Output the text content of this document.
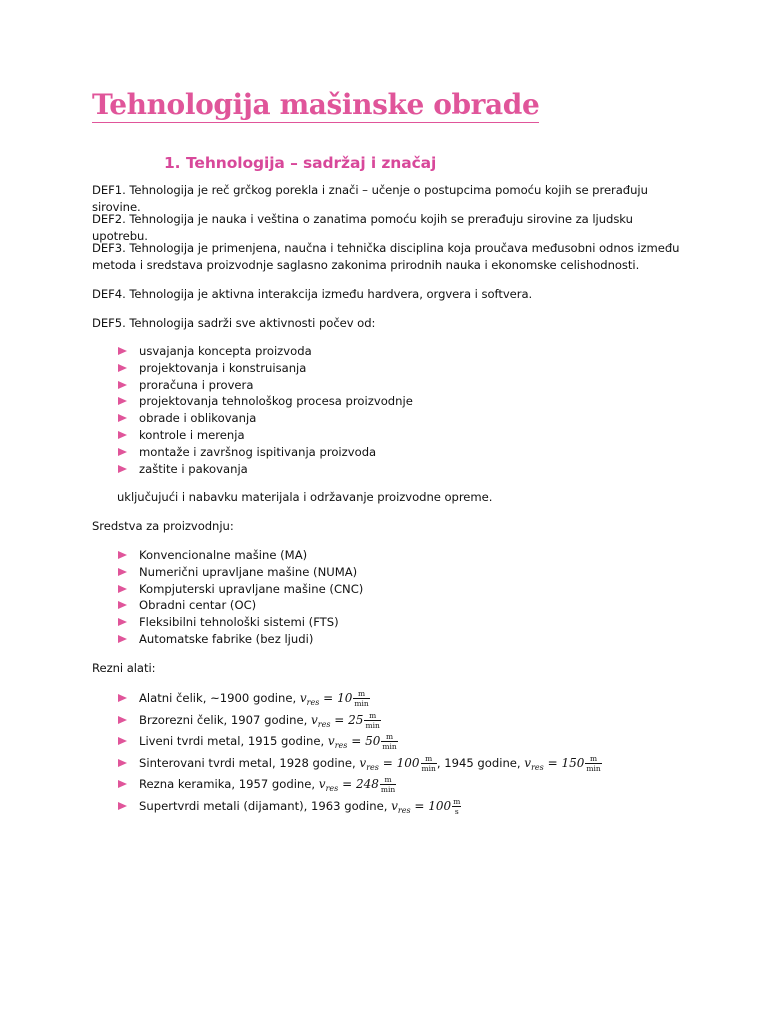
Tehnologija mašinske obrade
1. Tehnologija – sadržaj i značaj

DEF1. Tehnologija je reč grčkog porekla i znači – učenje o postupcima pomoću kojih se prerađuju sirovine.

DEF2. Tehnologija je nauka i veština o zanatima pomoću kojih se prerađuju sirovine za ljudsku upotrebu.

DEF3. Tehnologija je primenjena, naučna i tehnička disciplina koja proučava međusobni odnos između metoda i sredstava proizvodnje saglasno zakonima prirodnih nauka i ekonomske celishodnosti.

DEF4. Tehnologija je aktivna interakcija između hardvera, orgvera i softvera.

DEF5. Tehnologija sadrži sve aktivnosti počev od:

usvajanja koncepta proizvoda
projektovanja i konstruisanja
proračuna i provera
projektovanja tehnološkog procesa proizvodnje
obrade i oblikovanja
kontrole i merenja
montaže i završnog ispitivanja proizvoda
zaštite i pakovanja

uključujući i nabavku materijala i održavanje proizvodne opreme.

Sredstva za proizvodnju:

Konvencionalne mašine (MA)
Numerični upravljane mašine (NUMA)
Kompjuterski upravljane mašine (CNC)
Obradni centar (OC)
Fleksibilni tehnološki sistemi (FTS)
Automatske fabrike (bez ljudi)

Rezni alati:

Alatni čelik, ~1900 godine, $v_{res} = 10 \frac{m}{\min}$
Brzorezni čelik, 1907 godine, $v_{res} = 25 \frac{m}{\min}$
Liveni tvrdi metal, 1915 godine, $v_{res} = 50 \frac{m}{\min}$
Sinterovani tvrdi metal, 1928 godine, $v_{res} = 100 \frac{m}{\min}$ , 1945 godine, $v_{res} = 150 \frac{m}{\min}$
Rezna keramika, 1957 godine, $v_{res} = 248 \frac{m}{\min}$
Supertvrdi metali (dijamant), 1963 godine, $v_{res} = 100 \frac{m}{s}$
